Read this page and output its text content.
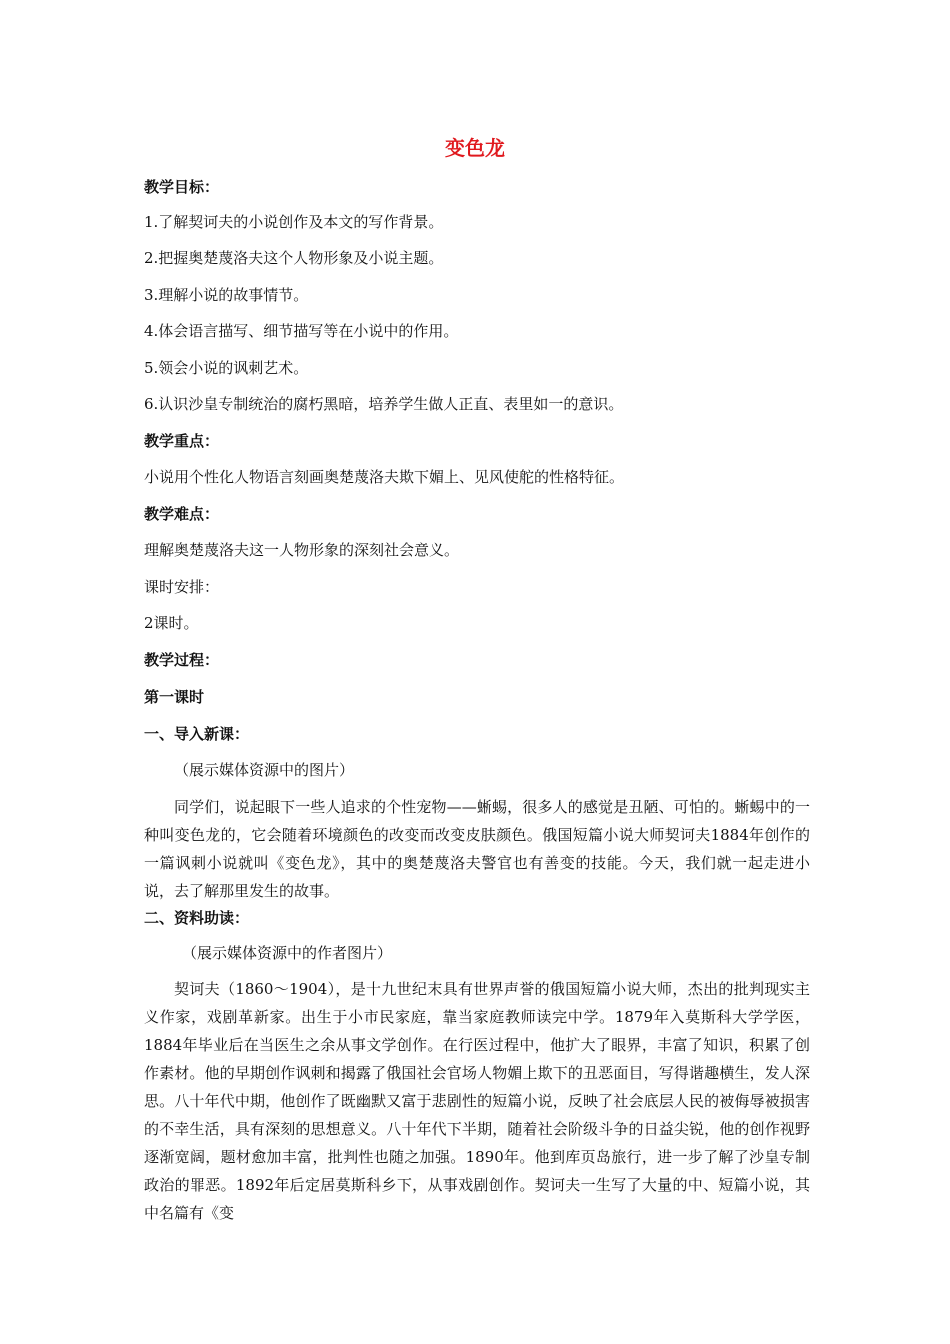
变色龙
教学目标：
1.了解契诃夫的小说创作及本文的写作背景。
2.把握奥楚蔑洛夫这个人物形象及小说主题。
3.理解小说的故事情节。
4.体会语言描写、细节描写等在小说中的作用。
5.领会小说的讽刺艺术。
6.认识沙皇专制统治的腐朽黑暗，培养学生做人正直、表里如一的意识。
教学重点：
小说用个性化人物语言刻画奥楚蔑洛夫欺下媚上、见风使舵的性格特征。
教学难点：
理解奥楚蔑洛夫这一人物形象的深刻社会意义。
课时安排：
2课时。
教学过程：
第一课时
一、导入新课：
（展示媒体资源中的图片）
同学们，说起眼下一些人追求的个性宠物——蜥蜴，很多人的感觉是丑陋、可怕的。蜥蜴中的一种叫变色龙的，它会随着环境颜色的改变而改变皮肤颜色。俄国短篇小说大师契诃夫1884年创作的一篇讽刺小说就叫《变色龙》，其中的奥楚蔑洛夫警官也有善变的技能。今天，我们就一起走进小说，去了解那里发生的故事。
二、资料助读：
（展示媒体资源中的作者图片）
契诃夫（1860～1904），是十九世纪末具有世界声誉的俄国短篇小说大师，杰出的批判现实主义作家，戏剧革新家。出生于小市民家庭，靠当家庭教师读完中学。1879年入莫斯科大学学医，1884年毕业后在当医生之余从事文学创作。在行医过程中，他扩大了眼界，丰富了知识，积累了创作素材。他的早期创作讽刺和揭露了俄国社会官场人物媚上欺下的丑恶面目，写得谐趣横生，发人深思。八十年代中期，他创作了既幽默又富于悲剧性的短篇小说，反映了社会底层人民的被侮辱被损害的不幸生活，具有深刻的思想意义。八十年代下半期，随着社会阶级斗争的日益尖锐，他的创作视野逐渐宽阔，题材愈加丰富，批判性也随之加强。1890年。他到库页岛旅行，进一步了解了沙皇专制政治的罪恶。1892年后定居莫斯科乡下，从事戏剧创作。契诃夫一生写了大量的中、短篇小说，其中名篇有《变
